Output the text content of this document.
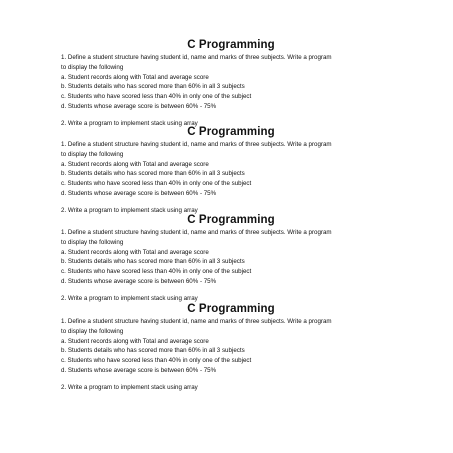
C Programming
1. Define a student structure having student id, name and marks of three subjects. Write a program
to display the following
a. Student records along with Total and average score
b. Students details who has scored more than 60% in all 3 subjects
c. Students who have scored less than 40% in only one of the subject
d. Students whose average score is between 60% - 75%
2. Write a program to implement stack using array
C Programming
1. Define a student structure having student id, name and marks of three subjects. Write a program
to display the following
a. Student records along with Total and average score
b. Students details who has scored more than 60% in all 3 subjects
c. Students who have scored less than 40% in only one of the subject
d. Students whose average score is between 60% - 75%
2. Write a program to implement stack using array
C Programming
1. Define a student structure having student id, name and marks of three subjects. Write a program
to display the following
a. Student records along with Total and average score
b. Students details who has scored more than 60% in all 3 subjects
c. Students who have scored less than 40% in only one of the subject
d. Students whose average score is between 60% - 75%
2. Write a program to implement stack using array
C Programming
1. Define a student structure having student id, name and marks of three subjects. Write a program
to display the following
a. Student records along with Total and average score
b. Students details who has scored more than 60% in all 3 subjects
c. Students who have scored less than 40% in only one of the subject
d. Students whose average score is between 60% - 75%
2. Write a program to implement stack using array
